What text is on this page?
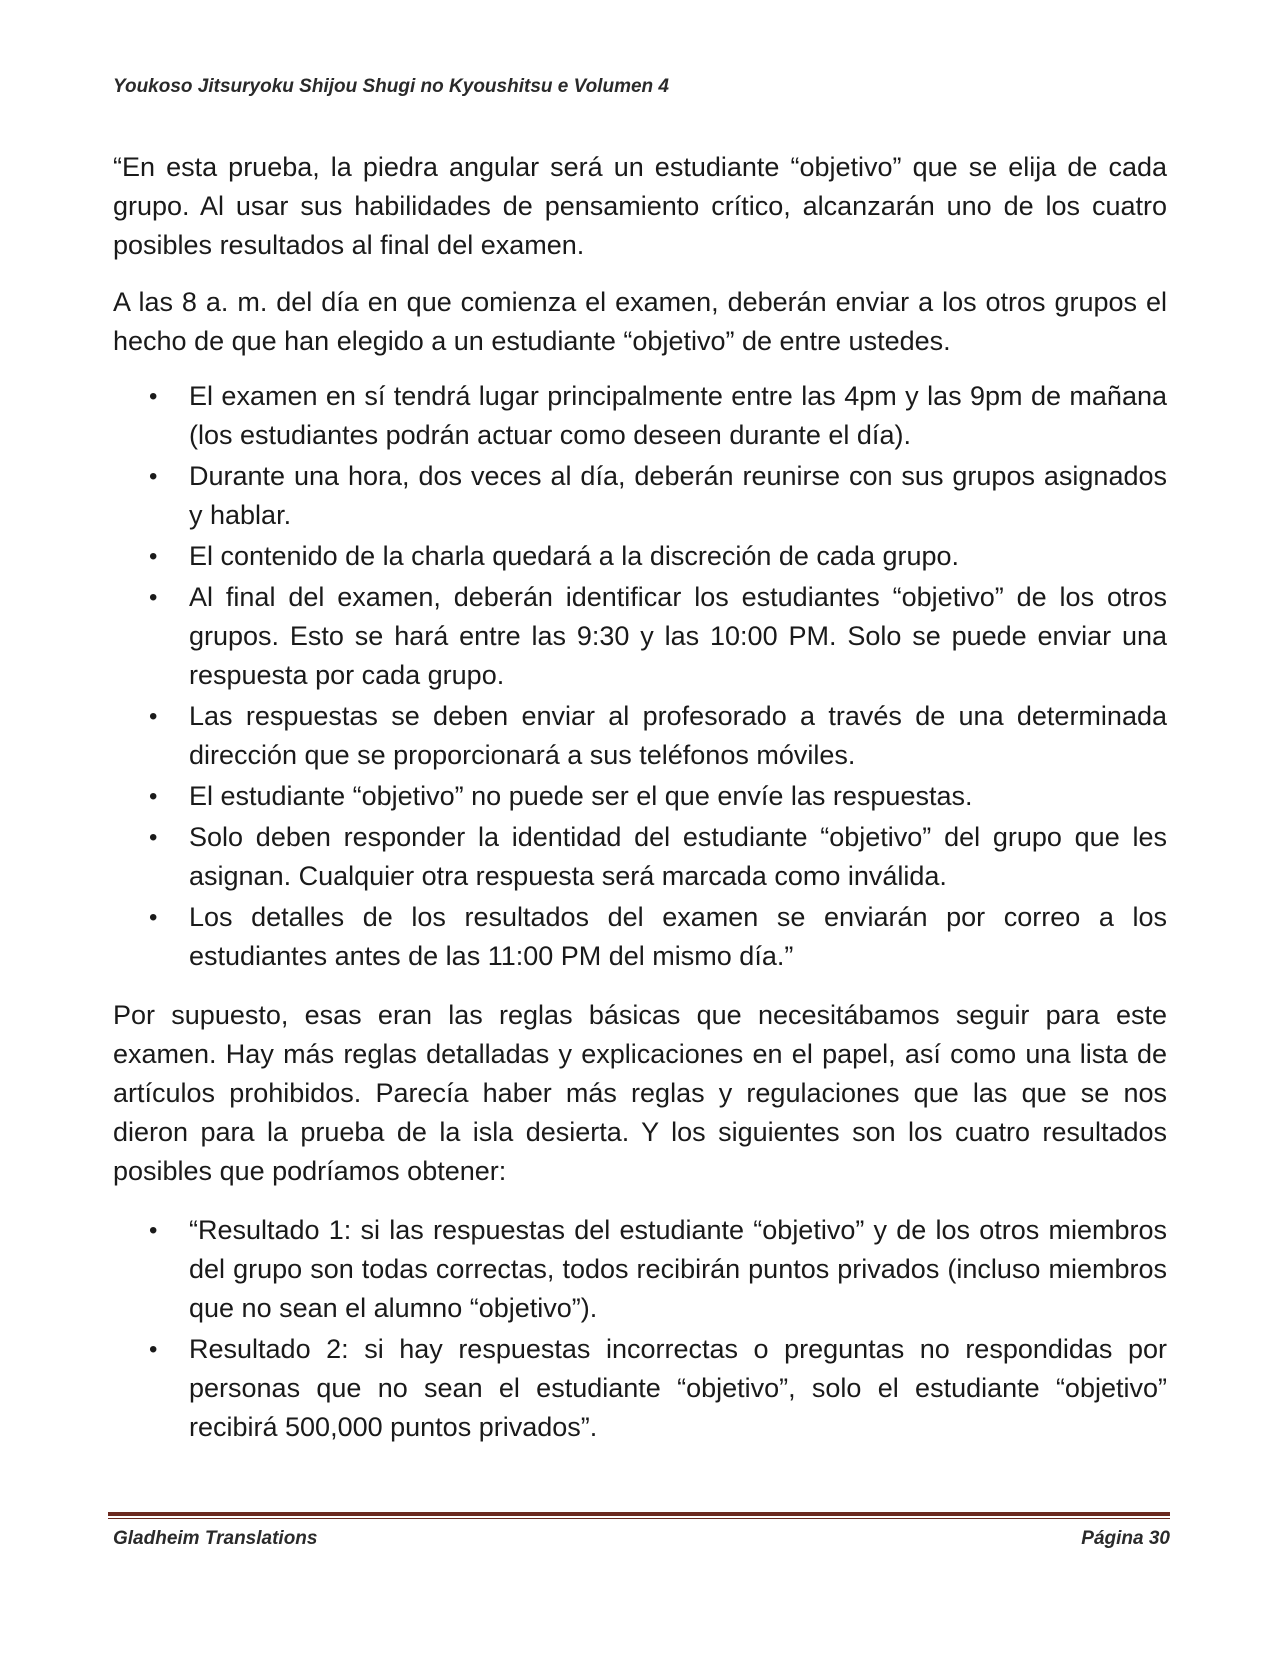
Youkoso Jitsuryoku Shijou Shugi no Kyoushitsu e Volumen 4

“En esta prueba, la piedra angular será un estudiante “objetivo” que se elija de cada grupo. Al usar sus habilidades de pensamiento crítico, alcanzarán uno de los cuatro posibles resultados al final del examen.

A las 8 a. m. del día en que comienza el examen, deberán enviar a los otros grupos el hecho de que han elegido a un estudiante “objetivo” de entre ustedes.

• El examen en sí tendrá lugar principalmente entre las 4pm y las 9pm de mañana (los estudiantes podrán actuar como deseen durante el día).
• Durante una hora, dos veces al día, deberán reunirse con sus grupos asignados y hablar.
• El contenido de la charla quedará a la discreción de cada grupo.
• Al final del examen, deberán identificar los estudiantes “objetivo” de los otros grupos. Esto se hará entre las 9:30 y las 10:00 PM. Solo se puede enviar una respuesta por cada grupo.
• Las respuestas se deben enviar al profesorado a través de una determinada dirección que se proporcionará a sus teléfonos móviles.
• El estudiante “objetivo” no puede ser el que envíe las respuestas.
• Solo deben responder la identidad del estudiante “objetivo” del grupo que les asignan. Cualquier otra respuesta será marcada como inválida.
• Los detalles de los resultados del examen se enviarán por correo a los estudiantes antes de las 11:00 PM del mismo día.”

Por supuesto, esas eran las reglas básicas que necesitábamos seguir para este examen. Hay más reglas detalladas y explicaciones en el papel, así como una lista de artículos prohibidos. Parecía haber más reglas y regulaciones que las que se nos dieron para la prueba de la isla desierta. Y los siguientes son los cuatro resultados posibles que podríamos obtener:

• “Resultado 1: si las respuestas del estudiante “objetivo” y de los otros miembros del grupo son todas correctas, todos recibirán puntos privados (incluso miembros que no sean el alumno “objetivo”).
• Resultado 2: si hay respuestas incorrectas o preguntas no respondidas por personas que no sean el estudiante “objetivo”, solo el estudiante “objetivo” recibirá 500,000 puntos privados”.
Gladheim Translations	Página 30
